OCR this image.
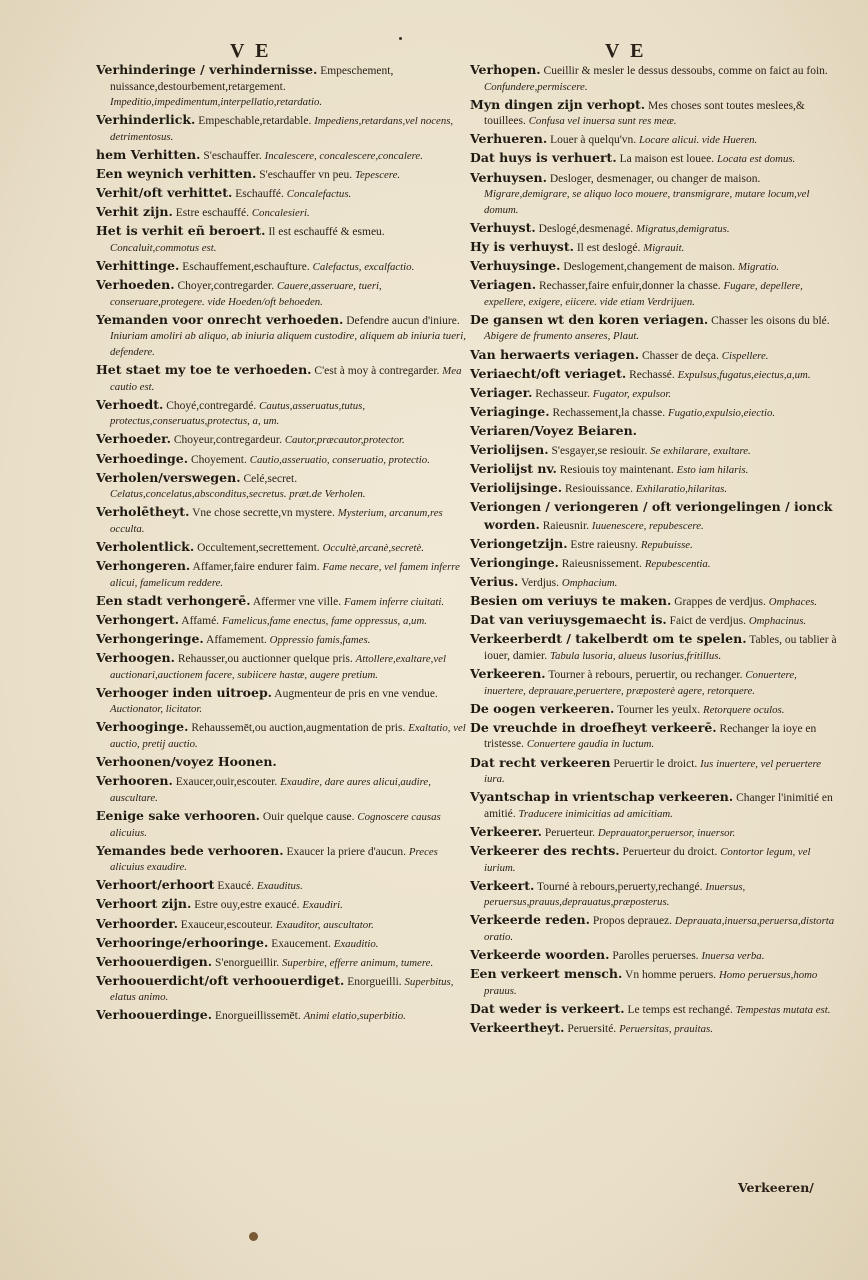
V E	V E
Verhinderinge / verhindernisse. Empeschement, nuissance,destourbement,retargement. Impeditio,impedimentum,interpellatio,retardatio.
Verhinderlick. Empeschable,retardable. Impediens,retardans,vel nocens, detrimentosus.
hem Verhitten. S'eschauffer. Incalescere, concalescere,concalere.
Een weynich verhitten. S'eschauffer vn peu. Tepescere.
Verhit/oft verhittet. Eschauffé. Concalefactus.
Verhit zijn. Estre eschauffé. Concalesieri.
Het is verhit eñ beroert. Il est eschauffé & esmeu. Concaluit,commotus est.
Verhittinge. Eschauffement,eschaufture. Calefactus, excalfactio.
Verhoeden. Choyer,contregarder. Cauere,asseruare, tueri, conseruare,protegere. vide Hoeden/oft behoeden.
Yemanden voor onrecht verhoeden. Defendre aucun d'iniure. Iniuriam amoliri ab aliquo, ab iniuria aliquem custodire, aliquem ab iniuria tueri, defendere.
Het staet my toe te verhoeden. C'est à moy à contregarder. Mea cautio est.
Verhoedt. Choyé,contregardé. Cautus,asseruatus,tutus, protectus,conseruatus,protectus, a, um.
Verhoeder. Choyeur,contregardeur. Cautor,præcautor,protector.
Verhoedinge. Choyement. Cautio,asseruatio, conseruatio, protectio.
Verholen/verswegen. Celé,secret. Celatus,concelatus,absconditus,secretus. præt.de Verholen.
Verholētheyt. Vne chose secrette,vn mystere. Mysterium, arcanum,res occulta.
Verholentlick. Occultement,secrettement. Occultè,arcanè,secretè.
Verhongeren. Affamer,faire endurer faim. Fame necare, vel famem inferre alicui, famelicum reddere.
Een stadt verhongerē. Affermer vne ville. Famem inferre ciuitati.
Verhongert. Affamé. Famelicus,fame enectus, fame oppressus, a,um.
Verhongeringe. Affamement. Oppressio famis,fames.
Verhoogen. Rehausser,ou auctionner quelque pris. Attollere,exaltare,vel auctionari,auctionem facere, subiicere hastæ, augere pretium.
Verhooger inden uitroep. Augmenteur de pris en vne vendue. Auctionator, licitator.
Verhooginge. Rehaussemēt,ou auction,augmentation de pris. Exaltatio, vel auctio, pretij auctio.
Verhoonen/voyez Hoonen.
Verhooren. Exaucer,ouir,escouter. Exaudire, dare aures alicui,audire, auscultare.
Eenige sake verhooren. Ouir quelque cause. Cognoscere causas alicuius.
Yemandes bede verhooren. Exaucer la priere d'aucun. Preces alicuius exaudire.
Verhoort/erhoort Exaucé. Exauditus.
Verhoort zijn. Estre ouy,estre exaucé. Exaudiri.
Verhoorder. Exauceur,escouteur. Exauditor, auscultator.
Verhooringe/erhooringe. Exaucement. Exauditio.
Verhoouerdigen. S'enorgueillir. Superbire, efferre animum, tumere.
Verhoouerdicht/oft verhoouerdiget. Enorgueilli. Superbitus, elatus animo.
Verhoouerdinge. Enorgueillissemēt. Animi elatio,superbitio.
Verhopen. Cueillir & mesler le dessus dessoubs, comme on faict au foin. Confundere,permiscere.
Myn dingen zijn verhopt. Mes choses sont toutes meslees,& touillees. Confusa vel inuersa sunt res meæ.
Verhueren. Louer à quelqu'vn. Locare alicui. vide Hueren.
Dat huys is verhuert. La maison est louee. Locata est domus.
Verhuysen. Desloger, desmenager, ou changer de maison. Migrare,demigrare, se aliquo loco mouere, transmigrare, mutare locum,vel domum.
Verhuyst. Deslogé,desmenagé. Migratus,demigratus.
Hy is verhuyst. Il est deslogé. Migrauit.
Verhuysinge. Deslogement,changement de maison. Migratio.
Veriagen. Rechasser,faire enfuir,donner la chasse. Fugare, depellere, expellere, exigere, eiicere. vide etiam Verdrijuen.
De gansen wt den koren veriagen. Chasser les oisons du blé. Abigere de frumento anseres, Plaut.
Van herwaerts veriagen. Chasser de deça. Cispellere.
Veriaecht/oft veriaget. Rechassé. Expulsus,fugatus,eiectus,a,um.
Veriager. Rechasseur. Fugator, expulsor.
Veriaginge. Rechassement,la chasse. Fugatio,expulsio,eiectio.
Veriaren/Voyez Beiaren.
Veriolijsen. S'esgayer,se resiouir. Se exhilarare, exultare.
Veriolijst nv. Resiouis toy maintenant. Esto iam hilaris.
Veriolijsinge. Resiouissance. Exhilaratio,hilaritas.
Veriongen / veriongeren / oft veriongelingen / ionck worden. Raieusnir. Iuuenescere, repubescere.
Veriongetzijn. Estre raieusny. Repubuisse.
Verionginge. Raieusnissement. Repubescentia.
Verius. Verdjus. Omphacium.
Besien om veriuys te maken. Grappes de verdjus. Omphaces.
Dat van veriuysgemaecht is. Faict de verdjus. Omphacinus.
Verkeerberdt / takelberdt om te spelen. Tables, ou tablier à iouer, damier. Tabula lusoria, alueus lusorius,fritillus.
Verkeeren. Tourner à rebours, peruertir, ou rechanger. Conuertere, inuertere, deprauare,peruertere, præposterè agere, retorquere.
De oogen verkeeren. Tourner les yeulx. Retorquere oculos.
De vreuchde in droefheyt verkeerē. Rechanger la ioye en tristesse. Conuertere gaudia in luctum.
Dat recht verkeeren Peruertir le droict. Ius inuertere, vel peruertere iura.
Vyantschap in vrientschap verkeeren. Changer l'inimitié en amitié. Traducere inimicitias ad amicitiam.
Verkeerer. Peruerteur. Deprauator,peruersor, inuersor.
Verkeerer des rechts. Peruerteur du droict. Contortor legum, vel iurium.
Verkeert. Tourné à rebours,peruerty,rechangé. Inuersus, peruersus,prauus,deprauatus,præposterus.
Verkeerde reden. Propos deprauez. Deprauata,inuersa,peruersa,distorta oratio.
Verkeerde woorden. Parolles peruerses. Inuersa verba.
Een verkeert mensch. Vn homme peruers. Homo peruersus,homo prauus.
Dat weder is verkeert. Le temps est rechangé. Tempestas mutata est.
Verkeertheyt. Peruersité. Peruersitas, prauitas.
Verkeeren/
